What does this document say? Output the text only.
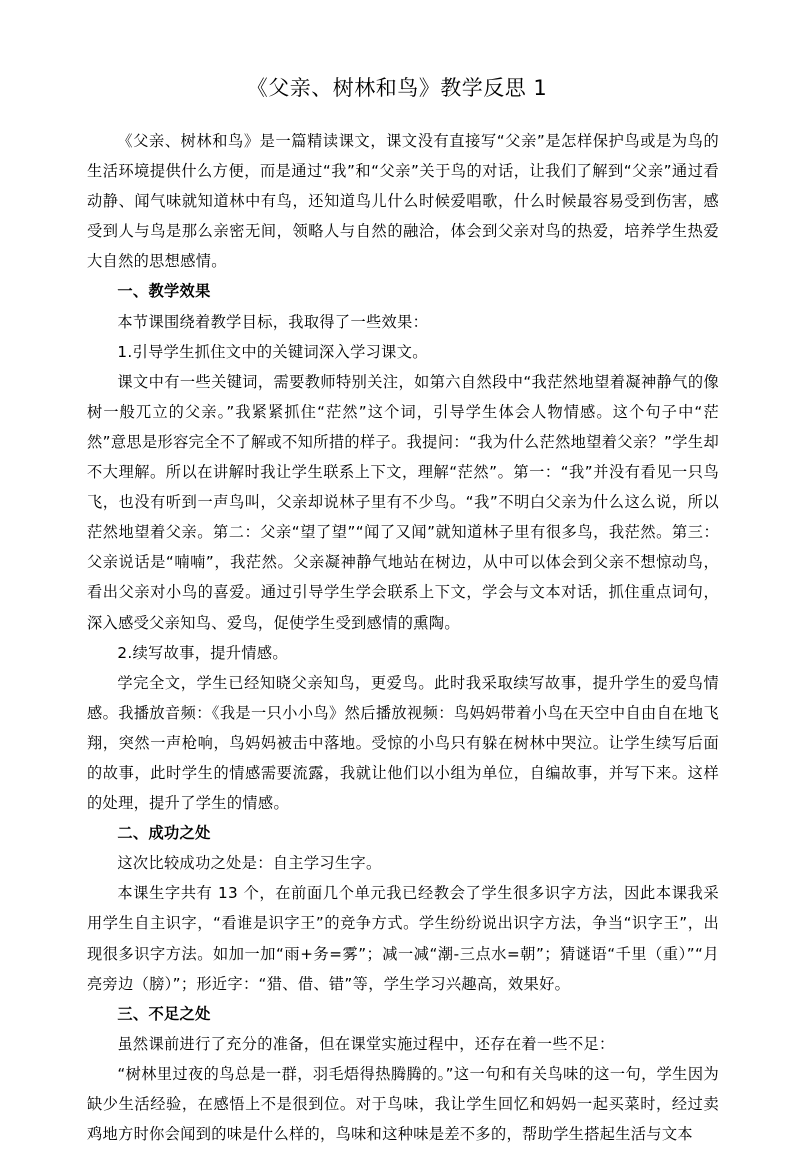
《父亲、树林和鸟》教学反思 1

《父亲、树林和鸟》是一篇精读课文，课文没有直接写“父亲”是怎样保护鸟或是为鸟的生活环境提供什么方便，而是通过“我”和“父亲”关于鸟的对话，让我们了解到“父亲”通过看动静、闻气味就知道林中有鸟，还知道鸟儿什么时候爱唱歌，什么时候最容易受到伤害，感受到人与鸟是那么亲密无间，领略人与自然的融洽，体会到父亲对鸟的热爱，培养学生热爱大自然的思想感情。

一、教学效果

本节课围绕着教学目标，我取得了一些效果：

1.引导学生抓住文中的关键词深入学习课文。

课文中有一些关键词，需要教师特别关注，如第六自然段中“我茫然地望着凝神静气的像树一般兀立的父亲。”我紧紧抓住“茫然”这个词，引导学生体会人物情感。这个句子中“茫然”意思是形容完全不了解或不知所措的样子。我提问：“我为什么茫然地望着父亲？”学生却不大理解。所以在讲解时我让学生联系上下文，理解“茫然”。第一：“我”并没有看见一只鸟飞，也没有听到一声鸟叫，父亲却说林子里有不少鸟。“我”不明白父亲为什么这么说，所以茫然地望着父亲。第二：父亲“望了望”“闻了又闻”就知道林子里有很多鸟，我茫然。第三：父亲说话是“喃喃”，我茫然。父亲凝神静气地站在树边，从中可以体会到父亲不想惊动鸟，看出父亲对小鸟的喜爱。通过引导学生学会联系上下文，学会与文本对话，抓住重点词句，深入感受父亲知鸟、爱鸟，促使学生受到感情的熏陶。

2.续写故事，提升情感。

学完全文，学生已经知晓父亲知鸟，更爱鸟。此时我采取续写故事，提升学生的爱鸟情感。我播放音频：《我是一只小小鸟》然后播放视频：鸟妈妈带着小鸟在天空中自由自在地飞翔，突然一声枪响，鸟妈妈被击中落地。受惊的小鸟只有躲在树林中哭泣。让学生续写后面的故事，此时学生的情感需要流露，我就让他们以小组为单位，自编故事，并写下来。这样的处理，提升了学生的情感。

二、成功之处

这次比较成功之处是：自主学习生字。

本课生字共有 13 个，在前面几个单元我已经教会了学生很多识字方法，因此本课我采用学生自主识字，“看谁是识字王”的竞争方式。学生纷纷说出识字方法，争当“识字王”，出现很多识字方法。如加一加“雨+务=雾”；减一减“潮-三点水=朝”；猜谜语“千里（重）”“月亮旁边（膀）”；形近字：“猎、借、错”等，学生学习兴趣高，效果好。

三、不足之处

虽然课前进行了充分的准备，但在课堂实施过程中，还存在着一些不足：

“树林里过夜的鸟总是一群，羽毛焐得热腾腾的。”这一句和有关鸟味的这一句，学生因为缺少生活经验，在感悟上不是很到位。对于鸟味，我让学生回忆和妈妈一起买菜时，经过卖鸡地方时你会闻到的味是什么样的，鸟味和这种味是差不多的，帮助学生搭起生活与文本
